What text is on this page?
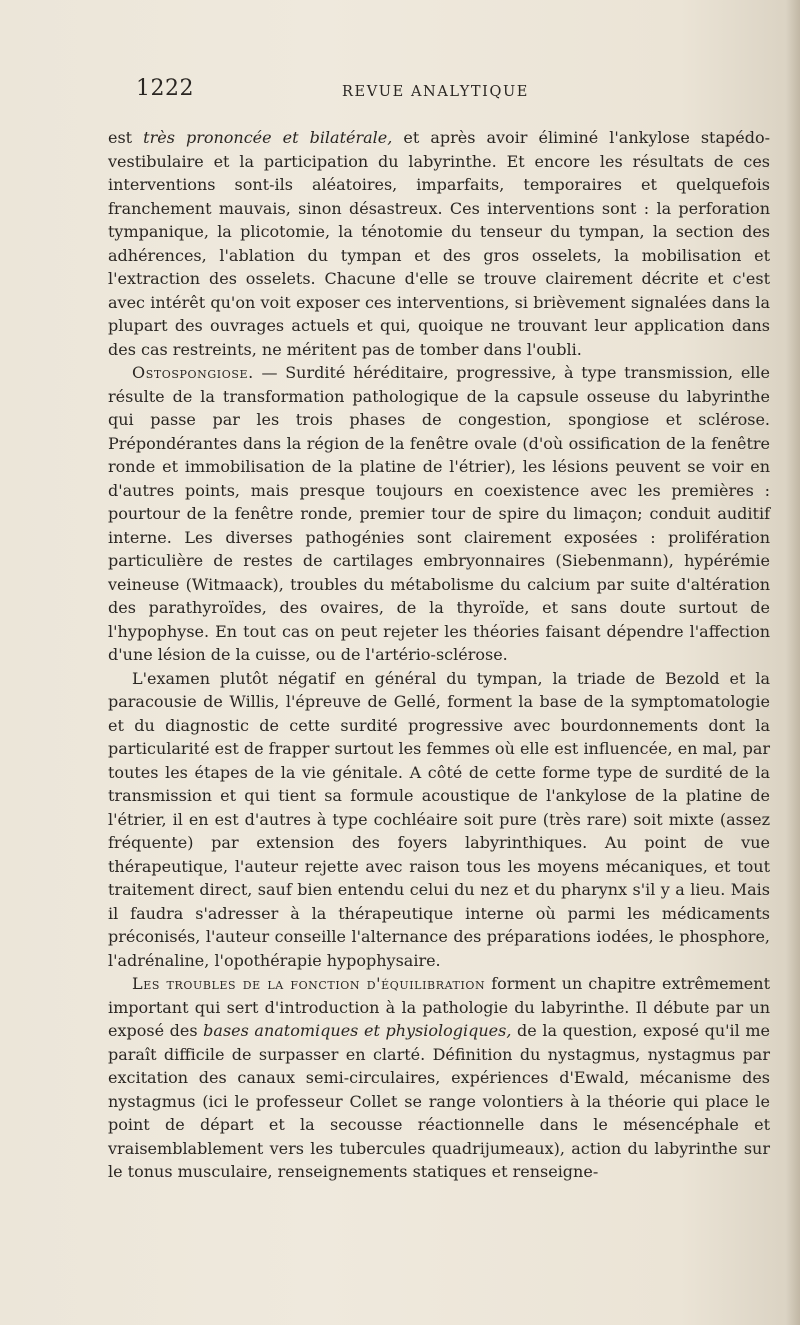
1222	REVUE ANALYTIQUE

est très prononcée et bilatérale, et après avoir éliminé l'ankylose stapédo-vestibulaire et la participation du labyrinthe. Et encore les résultats de ces interventions sont-ils aléatoires, imparfaits, temporaires et quelquefois franchement mauvais, sinon désastreux. Ces interventions sont : la perforation tympanique, la plicotomie, la ténotomie du tenseur du tympan, la section des adhérences, l'ablation du tympan et des gros osselets, la mobilisation et l'extraction des osselets. Chacune d'elle se trouve clairement décrite et c'est avec intérêt qu'on voit exposer ces interventions, si brièvement signalées dans la plupart des ouvrages actuels et qui, quoique ne trouvant leur application dans des cas restreints, ne méritent pas de tomber dans l'oubli.

Ostospongiose. — Surdité héréditaire, progressive, à type transmission, elle résulte de la transformation pathologique de la capsule osseuse du labyrinthe qui passe par les trois phases de congestion, spongiose et sclérose. Prépondérantes dans la région de la fenêtre ovale (d'où ossification de la fenêtre ronde et immobilisation de la platine de l'étrier), les lésions peuvent se voir en d'autres points, mais presque toujours en coexistence avec les premières : pourtour de la fenêtre ronde, premier tour de spire du limaçon; conduit auditif interne. Les diverses pathogénies sont clairement exposées : prolifération particulière de restes de cartilages embryonnaires (Siebenmann), hypérémie veineuse (Witmaack), troubles du métabolisme du calcium par suite d'altération des parathyroïdes, des ovaires, de la thyroïde, et sans doute surtout de l'hypophyse. En tout cas on peut rejeter les théories faisant dépendre l'affection d'une lésion de la cuisse, ou de l'artério-sclérose.

L'examen plutôt négatif en général du tympan, la triade de Bezold et la paracousie de Willis, l'épreuve de Gellé, forment la base de la symptomatologie et du diagnostic de cette surdité progressive avec bourdonnements dont la particularité est de frapper surtout les femmes où elle est influencée, en mal, par toutes les étapes de la vie génitale. A côté de cette forme type de surdité de la transmission et qui tient sa formule acoustique de l'ankylose de la platine de l'étrier, il en est d'autres à type cochléaire soit pure (très rare) soit mixte (assez fréquente) par extension des foyers labyrinthiques. Au point de vue thérapeutique, l'auteur rejette avec raison tous les moyens mécaniques, et tout traitement direct, sauf bien entendu celui du nez et du pharynx s'il y a lieu. Mais il faudra s'adresser à la thérapeutique interne où parmi les médicaments préconisés, l'auteur conseille l'alternance des préparations iodées, le phosphore, l'adrénaline, l'opothérapie hypophysaire.

Les troubles de la fonction d'équilibration forment un chapitre extrêmement important qui sert d'introduction à la pathologie du labyrinthe. Il débute par un exposé des bases anatomiques et physiologiques, de la question, exposé qu'il me paraît difficile de surpasser en clarté. Définition du nystagmus, nystagmus par excitation des canaux semi-circulaires, expériences d'Ewald, mécanisme des nystagmus (ici le professeur Collet se range volontiers à la théorie qui place le point de départ et la secousse réactionnelle dans le mésencéphale et vraisemblablement vers les tubercules quadrijumeaux), action du labyrinthe sur le tonus musculaire, renseignements statiques et renseigne-
